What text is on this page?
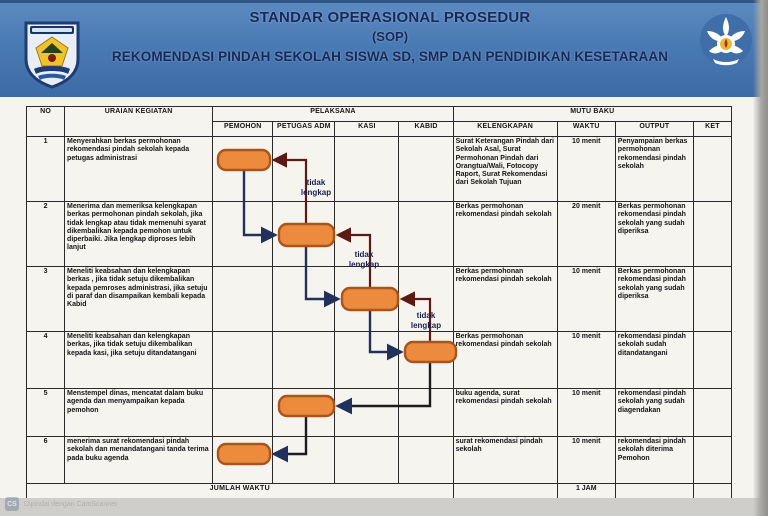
STANDAR OPERASIONAL PROSEDUR
(SOP)
REKOMENDASI PINDAH SEKOLAH SISWA SD, SMP DAN PENDIDIKAN KESETARAAN
NO	URAIAN KEGIATAN	PELAKSANA				MUTU BAKU			
		PEMOHON	PETUGAS ADM	KASI	KABID	KELENGKAPAN	WAKTU	OUTPUT	KET
1	Menyerahkan berkas permohonan rekomendasi pindah sekolah kepada petugas administrasi					Surat Keterangan Pindah dari Sekolah Asal, Surat Permohonan Pindah dari Orangtua/Wali, Fotocopy Raport, Surat Rekomendasi dari Sekolah Tujuan	10 menit	Penyampaian berkas permohonan rekomendasi pindah sekolah	
2	Menerima dan memeriksa kelengkapan berkas permohonan pindah sekolah, jika tidak lengkap atau tidak memenuhi syarat dikembalikan kepada pemohon untuk diperbaiki. Jika lengkap diproses lebih lanjut					Berkas permohonan rekomendasi pindah sekolah	20 menit	Berkas permohonan rekomendasi pindah sekolah yang sudah diperiksa	
3	Meneliti keabsahan dan kelengkapan berkas , jika tidak setuju dikembalikan kepada pemroses administrasi, jika setuju di paraf dan disampaikan kembali kepada Kabid					Berkas permohonan rekomendasi pindah sekolah	10 menit	Berkas permohonan rekomendasi pindah sekolah yang sudah diperiksa	
4	Meneliti keabsahan dan kelengkapan berkas, jika tidak setuju dikembalikan kepada kasi, jika setuju ditandatangani					Berkas permohonan rekomendasi pindah sekolah	10 menit	rekomendasi pindah sekolah sudah ditandatangani	
5	Menstempel dinas, mencatat dalam buku agenda dan menyampaikan kepada pemohon					buku agenda, surat rekomendasi pindah sekolah	10 menit	rekomendasi pindah sekolah yang sudah diagendakan	
6	menerima surat rekomendasi pindah sekolah dan menandatangani tanda terima pada buku agenda					surat rekomendasi pindah sekolah	10 menit	rekomendasi pindah sekolah diterima Pemohon	
JUMLAH WAKTU							1 JAM		
tidak
lengkap
tidak
lengkap
tidak
lengkap
CS	Dipindai dengan CamScanner
